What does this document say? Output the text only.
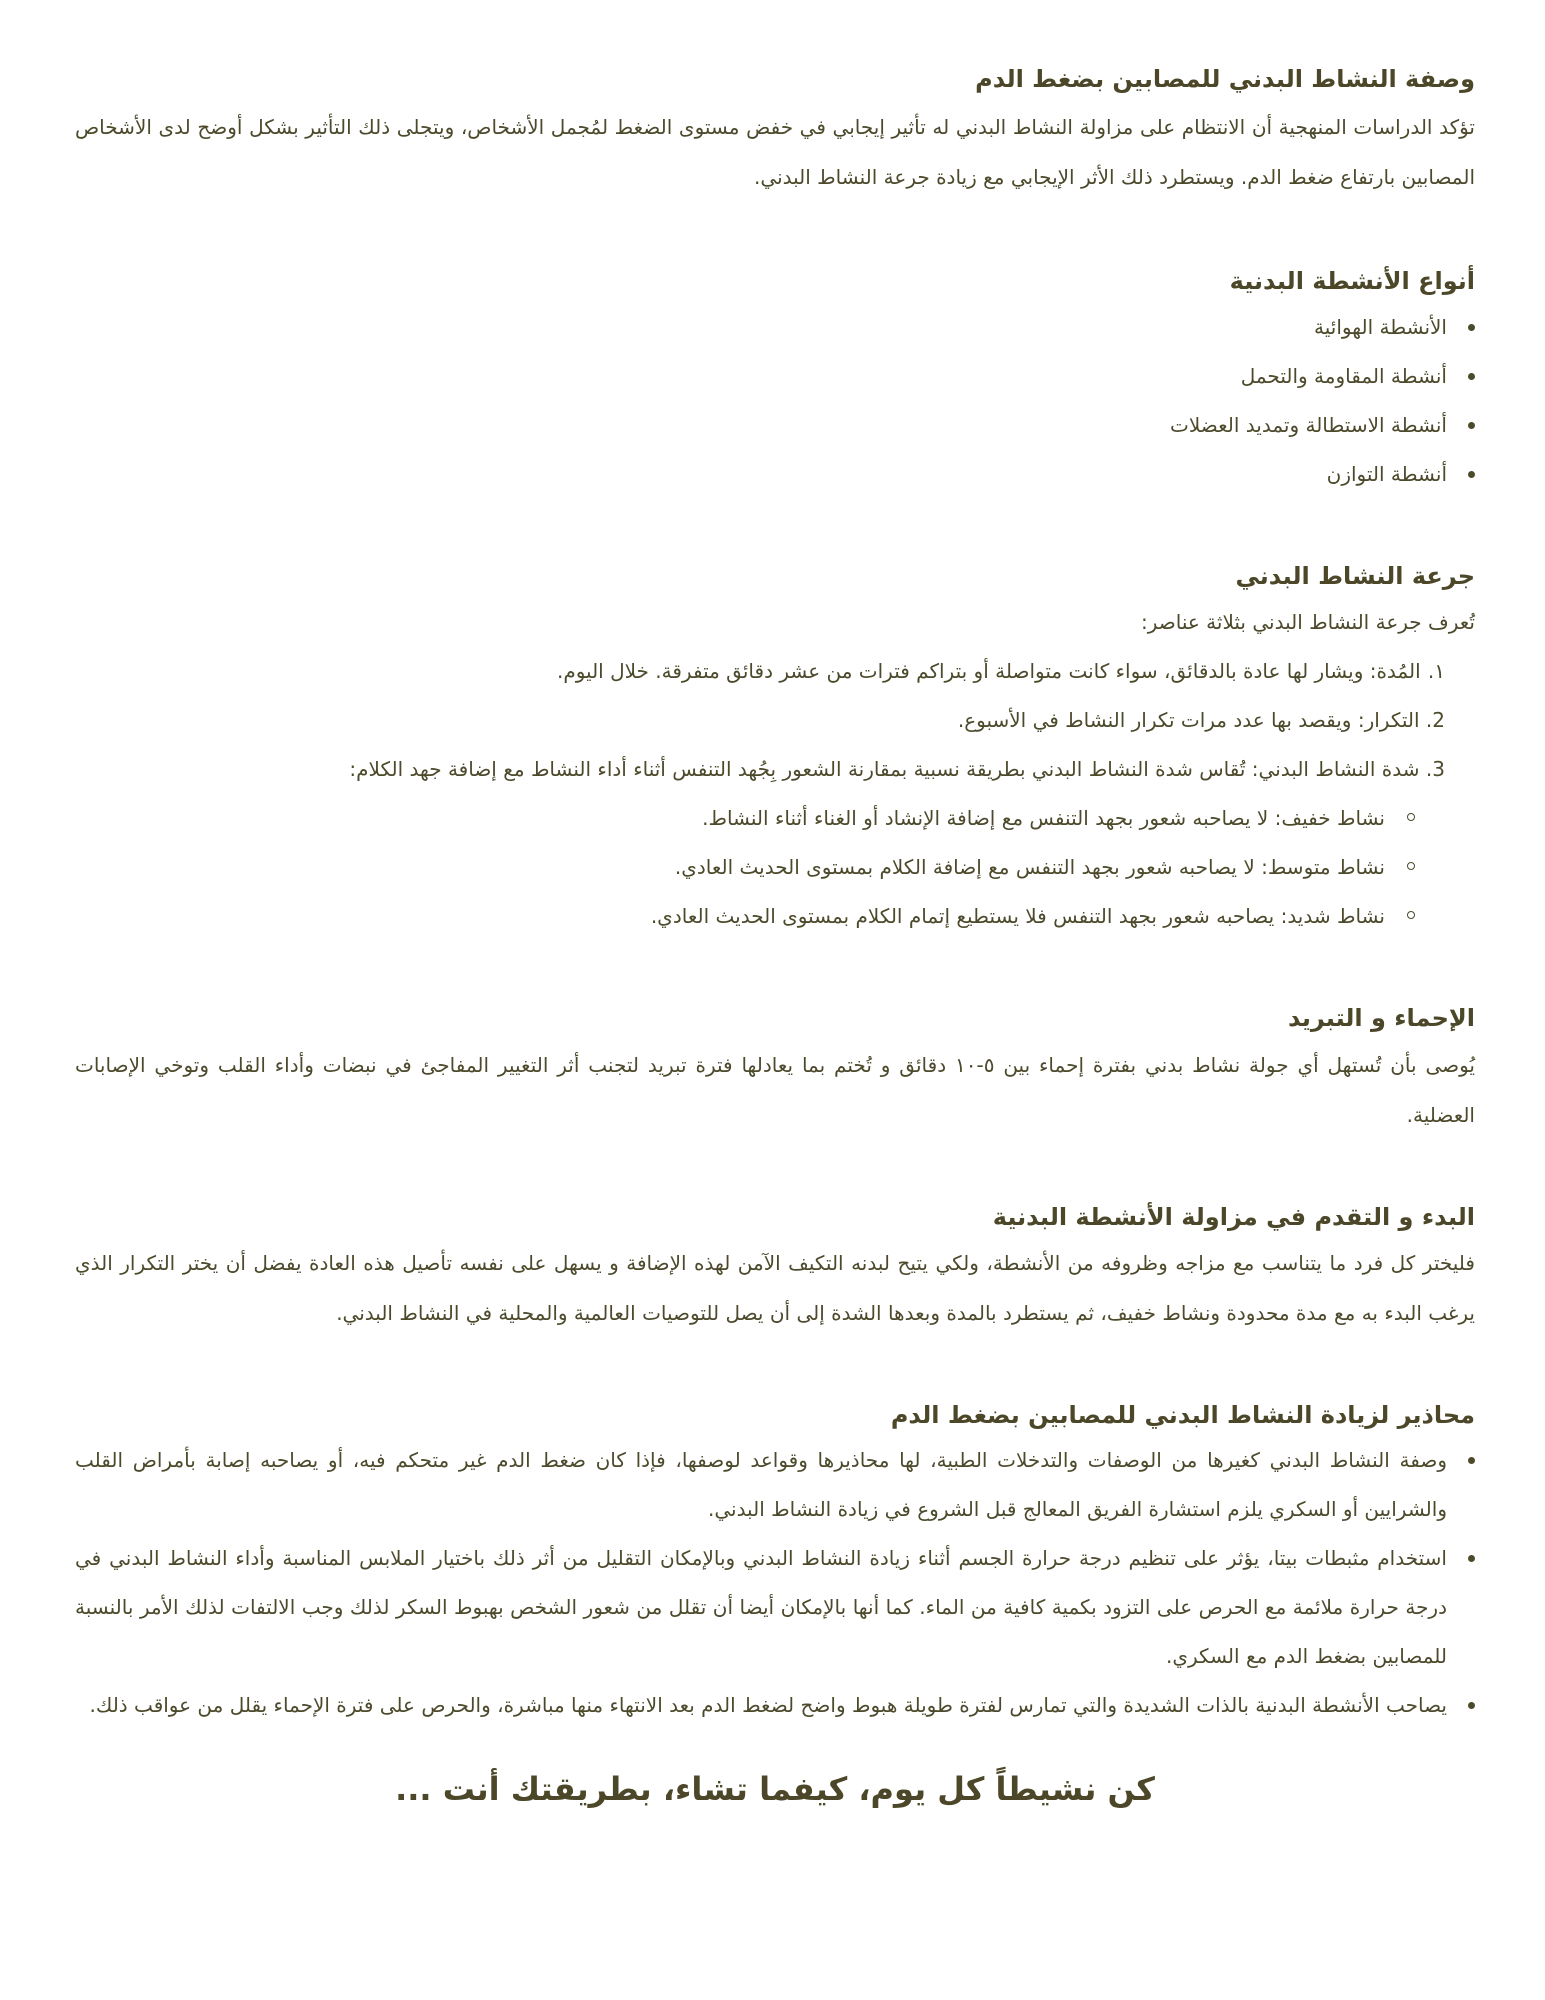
وصفة النشاط البدني للمصابين بضغط الدم

تؤكد الدراسات المنهجية أن الانتظام على مزاولة النشاط البدني له تأثير إيجابي في خفض مستوى الضغط لمُجمل الأشخاص، ويتجلى ذلك التأثير بشكل أوضح لدى الأشخاص المصابين بارتفاع ضغط الدم. ويستطرد ذلك الأثر الإيجابي مع زيادة جرعة النشاط البدني.

أنواع الأنشطة البدنية
الأنشطة الهوائية
أنشطة المقاومة والتحمل
أنشطة الاستطالة وتمديد العضلات
أنشطة التوازن
جرعة النشاط البدني

تُعرف جرعة النشاط البدني بثلاثة عناصر:

١. المُدة: ويشار لها عادة بالدقائق، سواء كانت متواصلة أو بتراكم فترات من عشر دقائق متفرقة. خلال اليوم.
2. التكرار: ويقصد بها عدد مرات تكرار النشاط في الأسبوع.
3. شدة النشاط البدني: تُقاس شدة النشاط البدني بطريقة نسبية بمقارنة الشعور بِجُهد التنفس أثناء أداء النشاط مع إضافة جهد الكلام:
نشاط خفيف: لا يصاحبه شعور بجهد التنفس مع إضافة الإنشاد أو الغناء أثناء النشاط.
نشاط متوسط: لا يصاحبه شعور بجهد التنفس مع إضافة الكلام بمستوى الحديث العادي.
نشاط شديد: يصاحبه شعور بجهد التنفس فلا يستطيع إتمام الكلام بمستوى الحديث العادي.
الإحماء و التبريد

يُوصى بأن تُستهل أي جولة نشاط بدني بفترة إحماء بين ٥-١٠ دقائق و تُختم بما يعادلها فترة تبريد لتجنب أثر التغيير المفاجئ في نبضات وأداء القلب وتوخي الإصابات العضلية.

البدء و التقدم في مزاولة الأنشطة البدنية

فليختر كل فرد ما يتناسب مع مزاجه وظروفه من الأنشطة، ولكي يتيح لبدنه التكيف الآمن لهذه الإضافة و يسهل على نفسه تأصيل هذه العادة يفضل أن يختر التكرار الذي يرغب البدء به مع مدة محدودة ونشاط خفيف، ثم يستطرد بالمدة وبعدها الشدة إلى أن يصل للتوصيات العالمية والمحلية في النشاط البدني.

محاذير لزيادة النشاط البدني للمصابين بضغط الدم
وصفة النشاط البدني كغيرها من الوصفات والتدخلات الطبية، لها محاذيرها وقواعد لوصفها، فإذا كان ضغط الدم غير متحكم فيه، أو يصاحبه إصابة بأمراض القلب والشرايين أو السكري يلزم استشارة الفريق المعالج قبل الشروع في زيادة النشاط البدني.
استخدام مثبطات بيتا، يؤثر على تنظيم درجة حرارة الجسم أثناء زيادة النشاط البدني وبالإمكان التقليل من أثر ذلك باختيار الملابس المناسبة وأداء النشاط البدني في درجة حرارة ملائمة مع الحرص على التزود بكمية كافية من الماء. كما أنها بالإمكان أيضا أن تقلل من شعور الشخص بهبوط السكر لذلك وجب الالتفات لذلك الأمر بالنسبة للمصابين بضغط الدم مع السكري.
يصاحب الأنشطة البدنية بالذات الشديدة والتي تمارس لفترة طويلة هبوط واضح لضغط الدم بعد الانتهاء منها مباشرة، والحرص على فترة الإحماء يقلل من عواقب ذلك.
كن نشيطاً كل يوم، كيفما تشاء، بطريقتك أنت ...
